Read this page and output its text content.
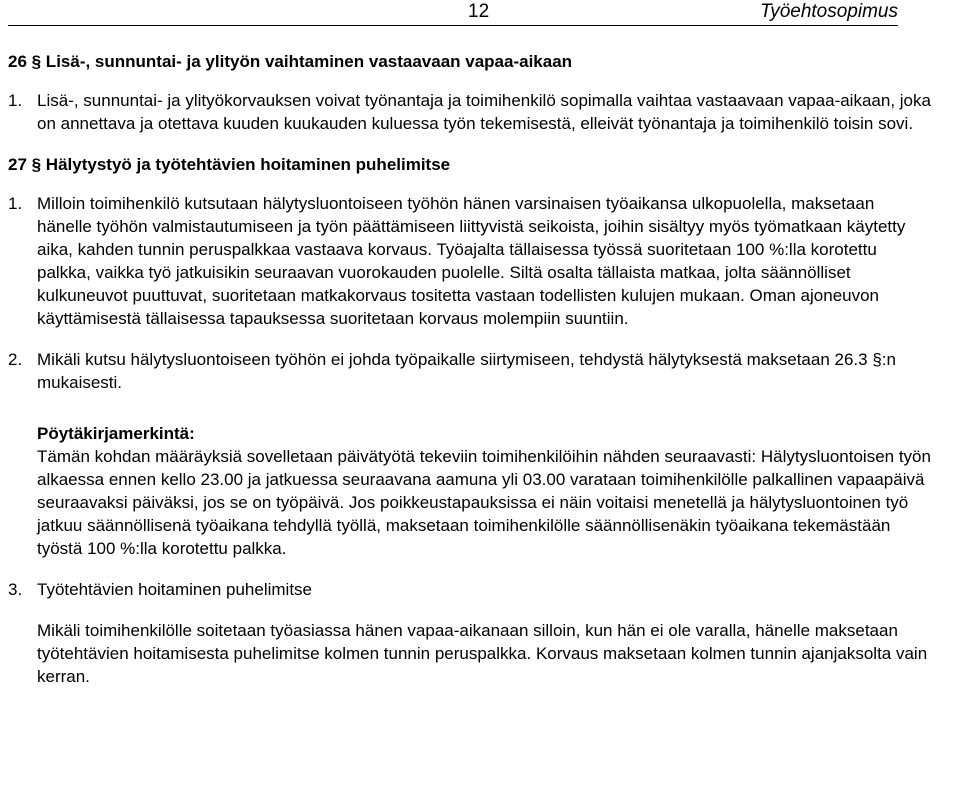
12	Työehtosopimus
26 § Lisä-, sunnuntai- ja ylityön vaihtaminen vastaavaan vapaa-aikaan
1. Lisä-, sunnuntai- ja ylityökorvauksen voivat työnantaja ja toimihenkilö sopimalla vaihtaa vastaavaan vapaa-aikaan, joka on annettava ja otettava kuuden kuukauden kuluessa työn tekemisestä, elleivät työnantaja ja toimihenkilö toisin sovi.
27 § Hälytystyö ja työtehtävien hoitaminen puhelimitse
1. Milloin toimihenkilö kutsutaan hälytysluontoiseen työhön hänen varsinaisen työaikansa ulkopuolella, maksetaan hänelle työhön valmistautumiseen ja työn päättämiseen liittyvistä seikoista, joihin sisältyy myös työmatkaan käytetty aika, kahden tunnin peruspalkkaa vastaava korvaus. Työajalta tällaisessa työssä suoritetaan 100 %:lla korotettu palkka, vaikka työ jatkuisikin seuraavan vuorokauden puolelle. Siltä osalta tällaista matkaa, jolta säännölliset kulkuneuvot puuttuvat, suoritetaan matkakorvaus tositetta vastaan todellisten kulujen mukaan. Oman ajoneuvon käyttämisestä tällaisessa tapauksessa suoritetaan korvaus molempiin suuntiin.
2. Mikäli kutsu hälytysluontoiseen työhön ei johda työpaikalle siirtymiseen, tehdystä hälytyksestä maksetaan 26.3 §:n mukaisesti.
Pöytäkirjamerkintä:
Tämän kohdan määräyksiä sovelletaan päivätyötä tekeviin toimihenkilöihin nähden seuraavasti: Hälytysluontoisen työn alkaessa ennen kello 23.00 ja jatkuessa seuraavana aamuna yli 03.00 varataan toimihenkilölle palkallinen vapaapäivä seuraavaksi päiväksi, jos se on työpäivä. Jos poikkeustapauksissa ei näin voitaisi menetellä ja hälytysluontoinen työ jatkuu säännöllisenä työaikana tehdyllä työllä, maksetaan toimihenkilölle säännöllisenäkin työaikana tekemästään työstä 100 %:lla korotettu palkka.
3. Työtehtävien hoitaminen puhelimitse
Mikäli toimihenkilölle soitetaan työasiassa hänen vapaa-aikanaan silloin, kun hän ei ole varalla, hänelle maksetaan työtehtävien hoitamisesta puhelimitse kolmen tunnin peruspalkka. Korvaus maksetaan kolmen tunnin ajanjaksolta vain kerran.
